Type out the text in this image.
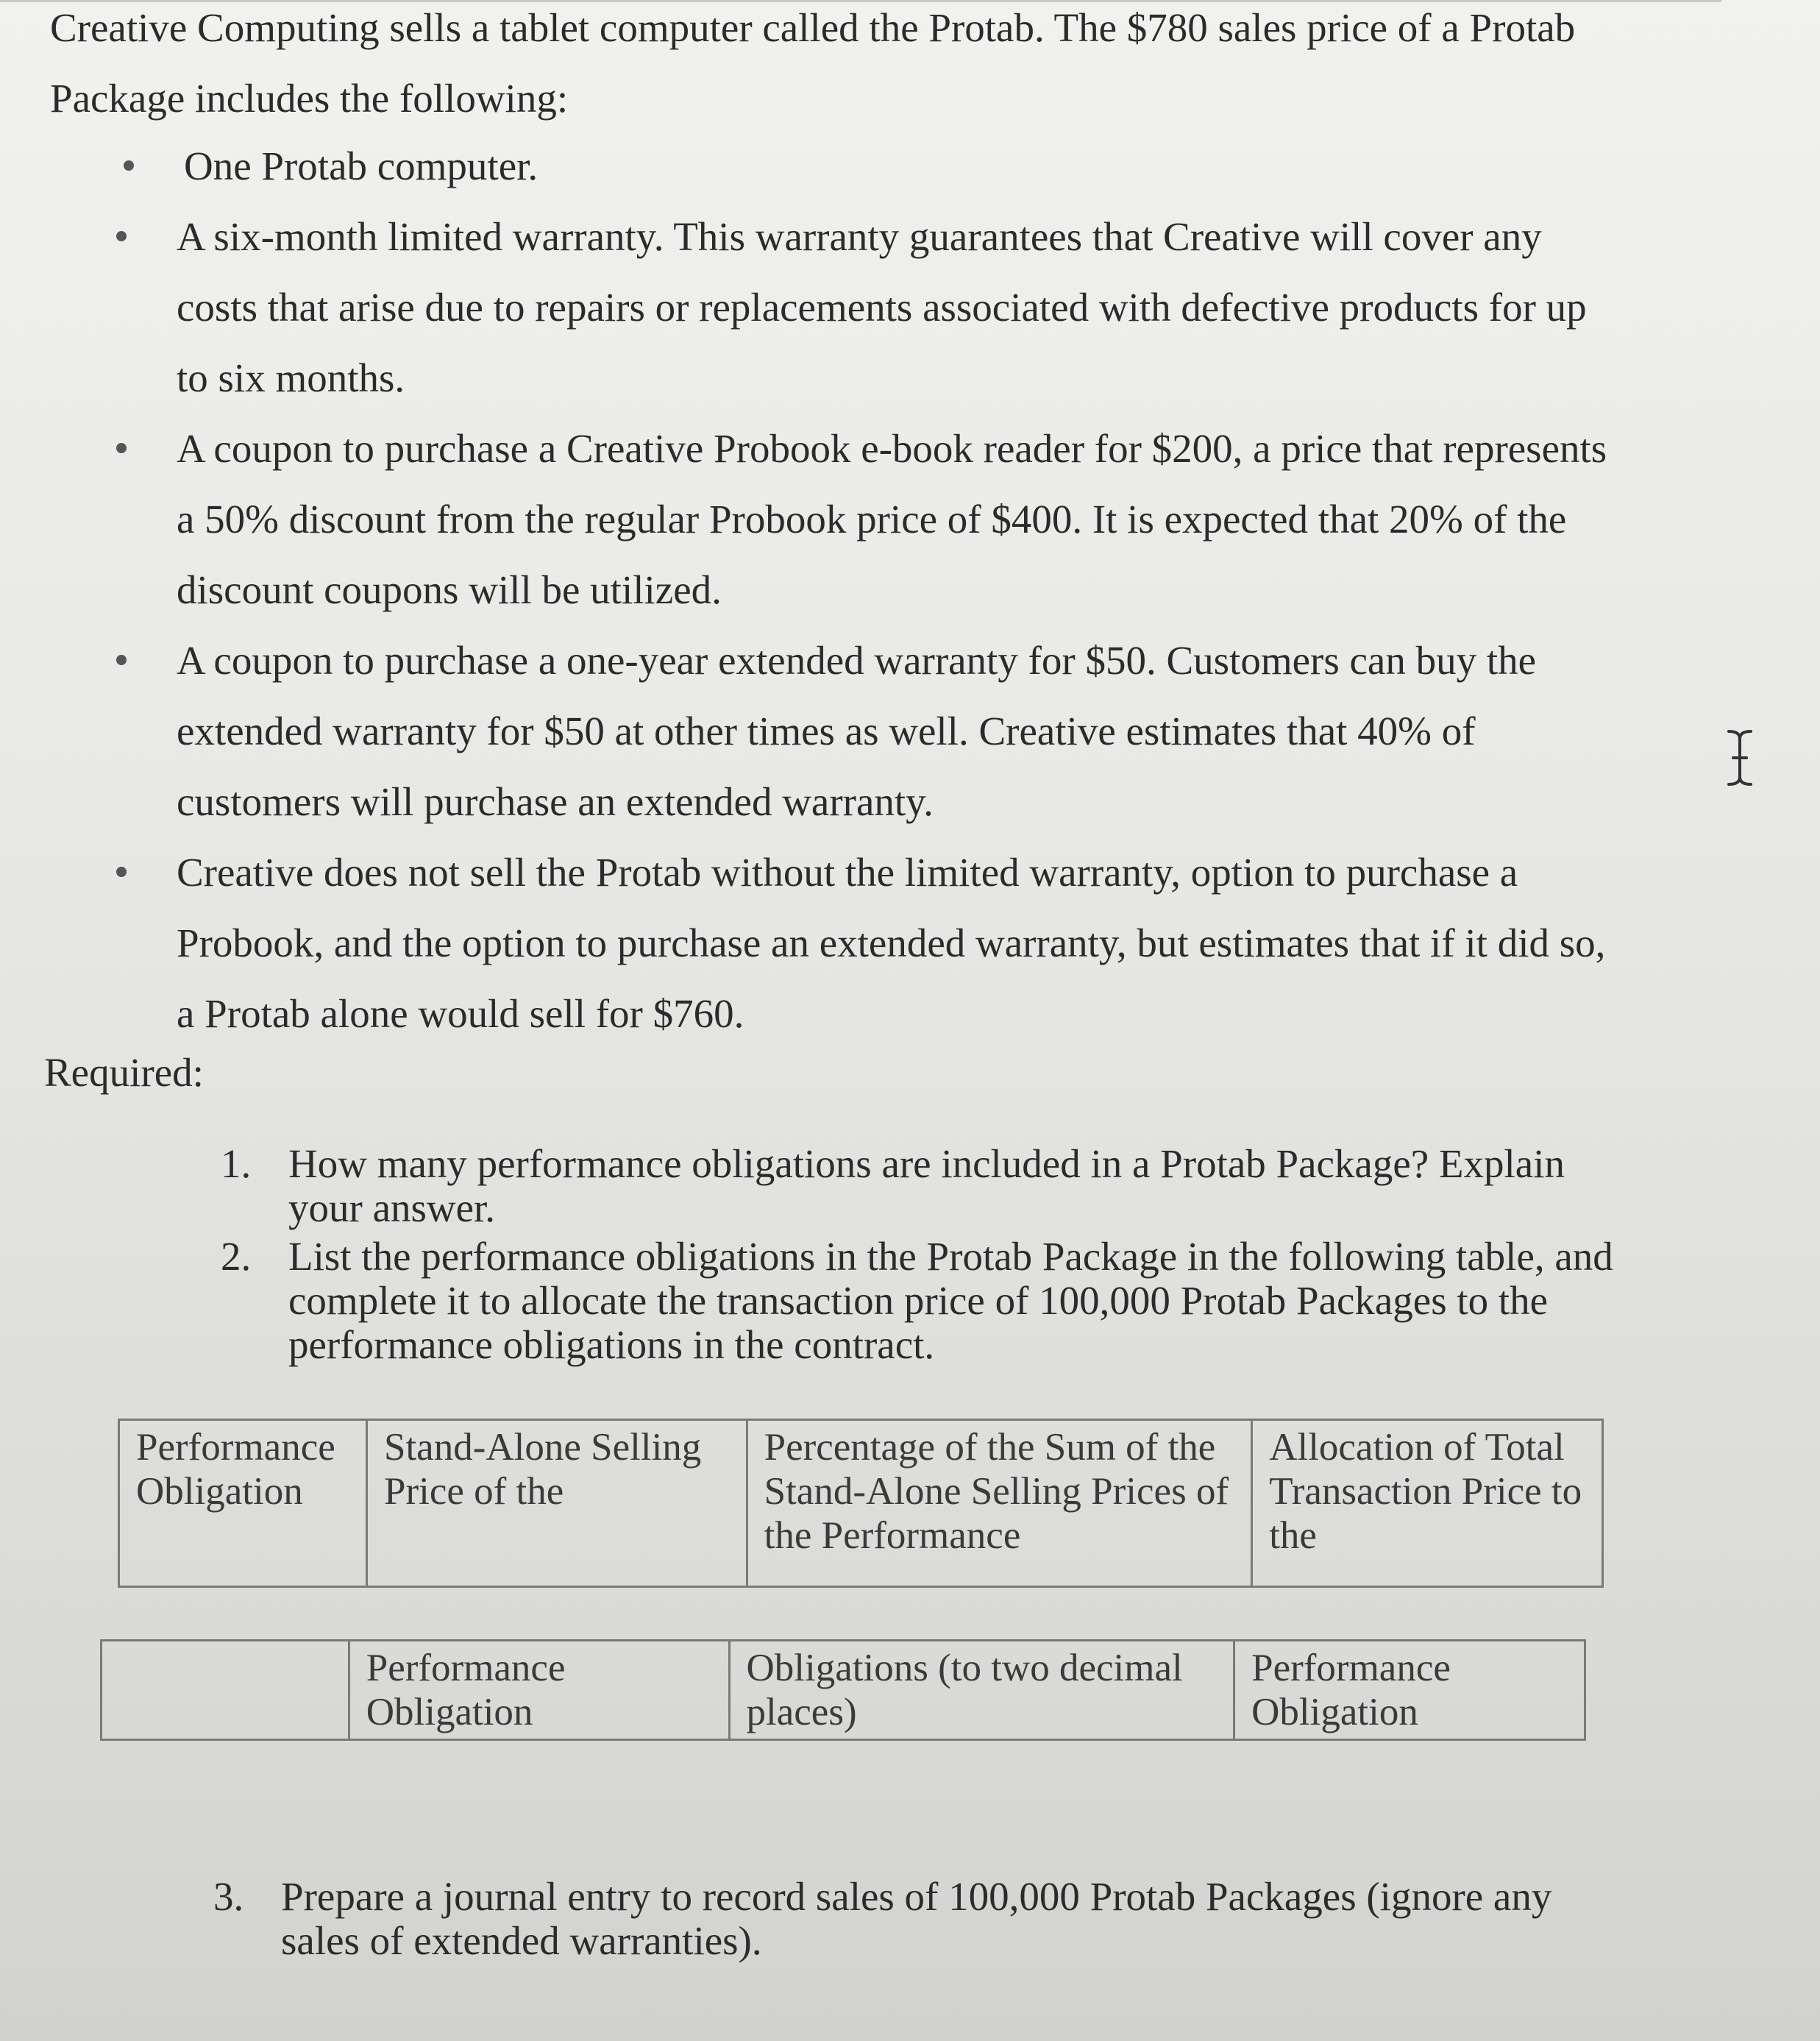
Creative Computing sells a tablet computer called the Protab. The $780 sales price of a Protab Package includes the following:

One Protab computer.
A six-month limited warranty. This warranty guarantees that Creative will cover any costs that arise due to repairs or replacements associated with defective products for up to six months.
A coupon to purchase a Creative Probook e-book reader for $200, a price that represents a 50% discount from the regular Probook price of $400. It is expected that 20% of the discount coupons will be utilized.
A coupon to purchase a one-year extended warranty for $50. Customers can buy the extended warranty for $50 at other times as well. Creative estimates that 40% of customers will purchase an extended warranty.
Creative does not sell the Protab without the limited warranty, option to purchase a Probook, and the option to purchase an extended warranty, but estimates that if it did so, a Protab alone would sell for $760.

Required:

1. How many performance obligations are included in a Protab Package? Explain your answer.
2. List the performance obligations in the Protab Package in the following table, and complete it to allocate the transaction price of 100,000 Protab Packages to the performance obligations in the contract.
Performance Obligation	Stand-Alone Selling Price of the	Percentage of the Sum of the Stand-Alone Selling Prices of the Performance	Allocation of Total Transaction Price to the
	Performance Obligation	Obligations (to two decimal places)	Performance Obligation
3. Prepare a journal entry to record sales of 100,000 Protab Packages (ignore any sales of extended warranties).
